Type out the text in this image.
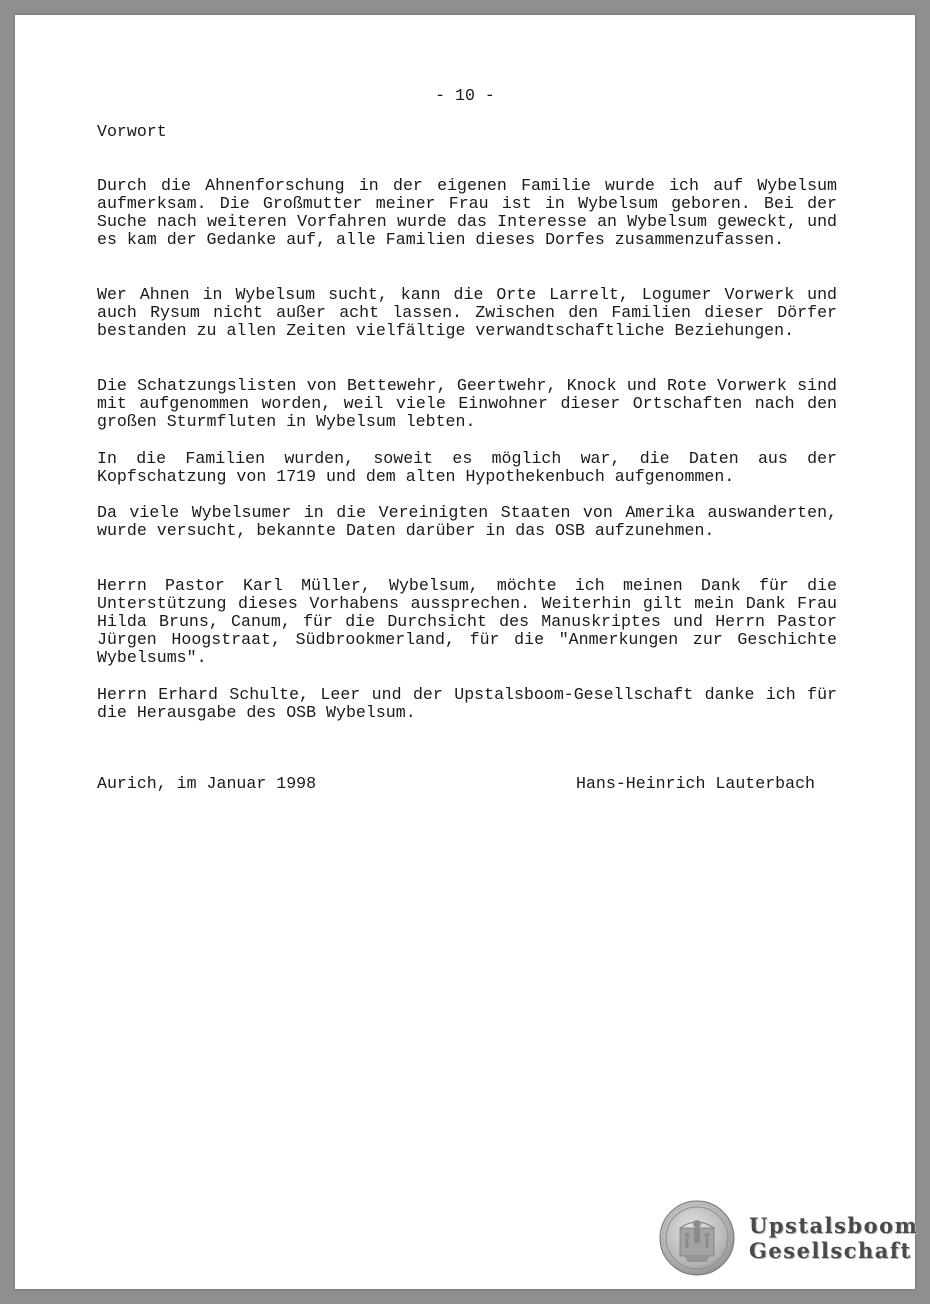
- 10 -

Vorwort

Durch die Ahnenforschung in der eigenen Familie wurde ich auf Wybelsum aufmerksam. Die Großmutter meiner Frau ist in Wybelsum geboren. Bei der Suche nach weiteren Vorfahren wurde das Interesse an Wybelsum geweckt, und es kam der Gedanke auf, alle Familien dieses Dorfes zusammenzufassen.

Wer Ahnen in Wybelsum sucht, kann die Orte Larrelt, Logumer Vorwerk und auch Rysum nicht außer acht lassen. Zwischen den Familien dieser Dörfer bestanden zu allen Zeiten vielfältige verwandtschaftliche Beziehungen.

Die Schatzungslisten von Bettewehr, Geertwehr, Knock und Rote Vorwerk sind mit aufgenommen worden, weil viele Einwohner dieser Ortschaften nach den großen Sturmfluten in Wybelsum lebten.

In die Familien wurden, soweit es möglich war, die Daten aus der Kopfschatzung von 1719 und dem alten Hypothekenbuch aufgenommen.

Da viele Wybelsumer in die Vereinigten Staaten von Amerika auswanderten, wurde versucht, bekannte Daten darüber in das OSB aufzunehmen.

Herrn Pastor Karl Müller, Wybelsum, möchte ich meinen Dank für die Unterstützung dieses Vorhabens aussprechen. Weiterhin gilt mein Dank Frau Hilda Bruns, Canum, für die Durchsicht des Manuskriptes und Herrn Pastor Jürgen Hoogstraat, Südbrookmerland, für die "Anmerkungen zur Geschichte Wybelsums".

Herrn Erhard Schulte, Leer und der Upstalsboom-Gesellschaft danke ich für die Herausgabe des OSB Wybelsum.

Aurich, im Januar 1998	Hans-Heinrich Lauterbach
Upstalsboom
Gesellschaft
